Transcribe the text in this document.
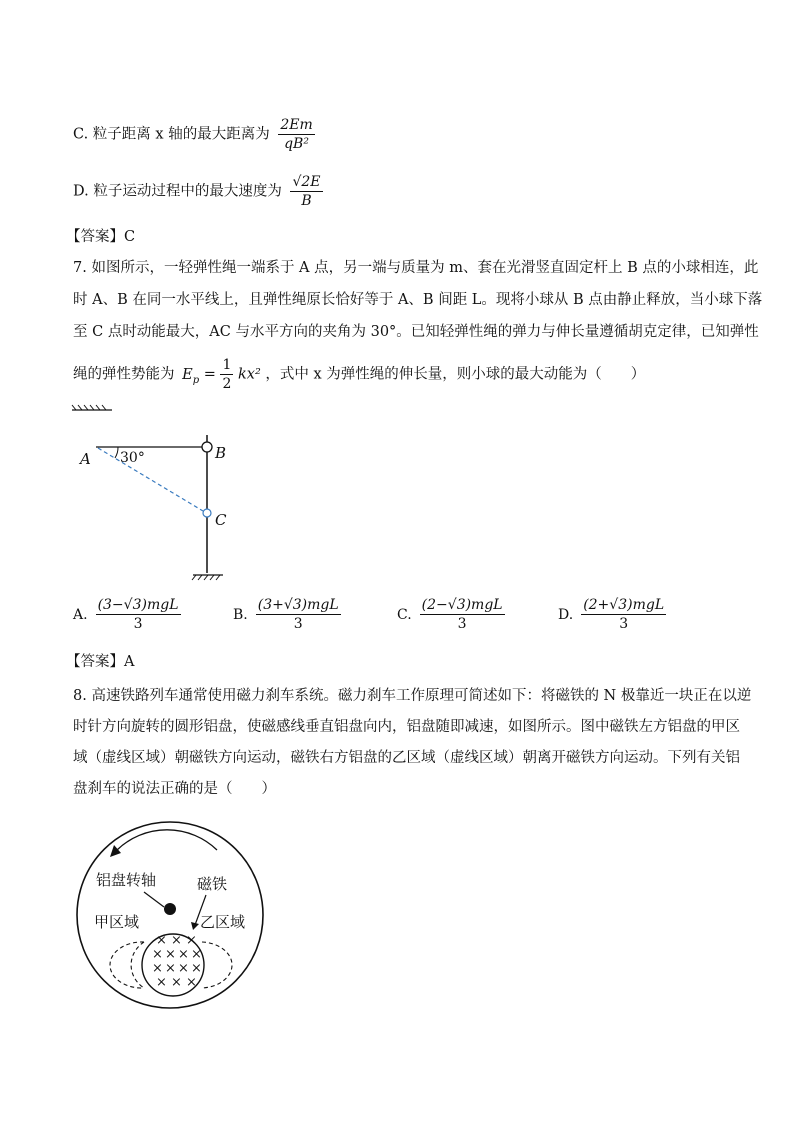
C. 粒子距离 x 轴的最大距离为 $\frac{2Em}{\text{qB²}}$
D. 粒子运动过程中的最大速度为 $\frac{√2E}{B}$
【答案】C
7. 如图所示，一轻弹性绳一端系于 A 点，另一端与质量为 m、套在光滑竖直固定杆上 B 点的小球相连，此
时 A、B 在同一水平线上，且弹性绳原长恰好等于 A、B 间距 L。现将小球从 B 点由静止释放，当小球下落
至 C 点时动能最大，AC 与水平方向的夹角为 30°。已知轻弹性绳的弹力与伸长量遵循胡克定律，已知弹性
绳的弹性势能为 $E_p = \frac{1}{2} kx^2$ ，式中 x 为弹性绳的伸长量，则小球的最大动能为（　　）
30°
A	B
C
A. $\frac{\text{(3−√3)mgL}}{3}$	B. $\frac{\text{(3+√3)mgL}}{3}$	C. $\frac{\text{(2−√3)mgL}}{3}$	D. $\frac{\text{(2+√3)mgL}}{3}$
【答案】A
8. 高速铁路列车通常使用磁力刹车系统。磁力刹车工作原理可简述如下：将磁铁的 N 极靠近一块正在以逆
时针方向旋转的圆形铝盘，使磁感线垂直铝盘向内，铝盘随即减速，如图所示。图中磁铁左方铝盘的甲区
域（虚线区域）朝磁铁方向运动，磁铁右方铝盘的乙区域（虚线区域）朝离开磁铁方向运动。下列有关铝
盘刹车的说法正确的是（　　）
铝盘转轴	磁铁
甲区域	乙区域
× × ×
× × × ×
× × × ×
× × ×
